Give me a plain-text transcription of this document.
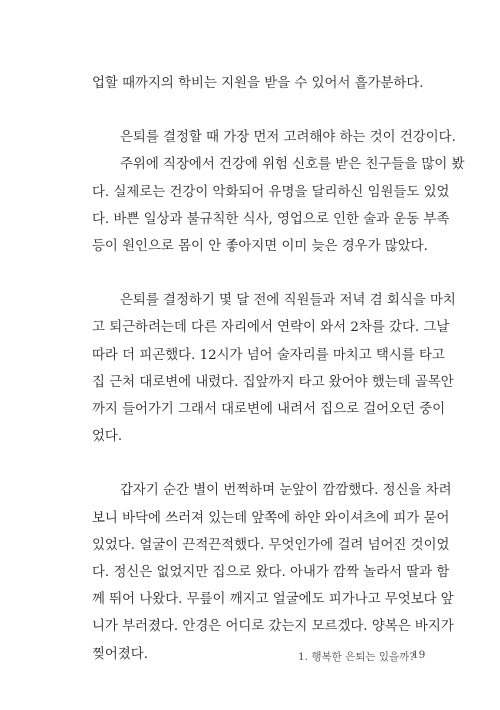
업할 때까지의 학비는 지원을 받을 수 있어서 흘가분하다.

은퇴를 결정할 때 가장 먼저 고려해야 하는 것이 건강이다.
주위에 직장에서 건강에 위험 신호를 받은 친구들을 많이 봤
다. 실제로는 건강이 악화되어 유명을 달리하신 임원들도 있었
다. 바쁜 일상과 불규칙한 식사, 영업으로 인한 술과 운동 부족
등이 원인으로 몸이 안 좋아지면 이미 늦은 경우가 많았다.

은퇴를 결정하기 몇 달 전에 직원들과 저녁 겸 회식을 마치
고 퇴근하려는데 다른 자리에서 연락이 와서 2차를 갔다. 그날
따라 더 피곤했다. 12시가 넘어 술자리를 마치고 택시를 타고
집 근처 대로변에 내렸다. 집앞까지 타고 왔어야 했는데 골목안
까지 들어가기 그래서 대로변에 내려서 집으로 걸어오던 중이
었다.

갑자기 순간 별이 번쩍하며 눈앞이 깜깜했다. 정신을 차려
보니 바닥에 쓰러져 있는데 앞쪽에 하얀 와이셔츠에 피가 묻어
있었다. 얼굴이 끈적끈적했다. 무엇인가에 걸려 넘어진 것이었
다. 정신은 없었지만 집으로 왔다. 아내가 깜짝 놀라서 딸과 함
께 뛰어 나왔다. 무릎이 깨지고 얼굴에도 피가나고 무엇보다 앞
니가 부러졌다. 안경은 어디로 갔는지 모르겠다. 양복은 바지가
찢어졌다.	1. 행복한 은퇴는 있을까?
19
